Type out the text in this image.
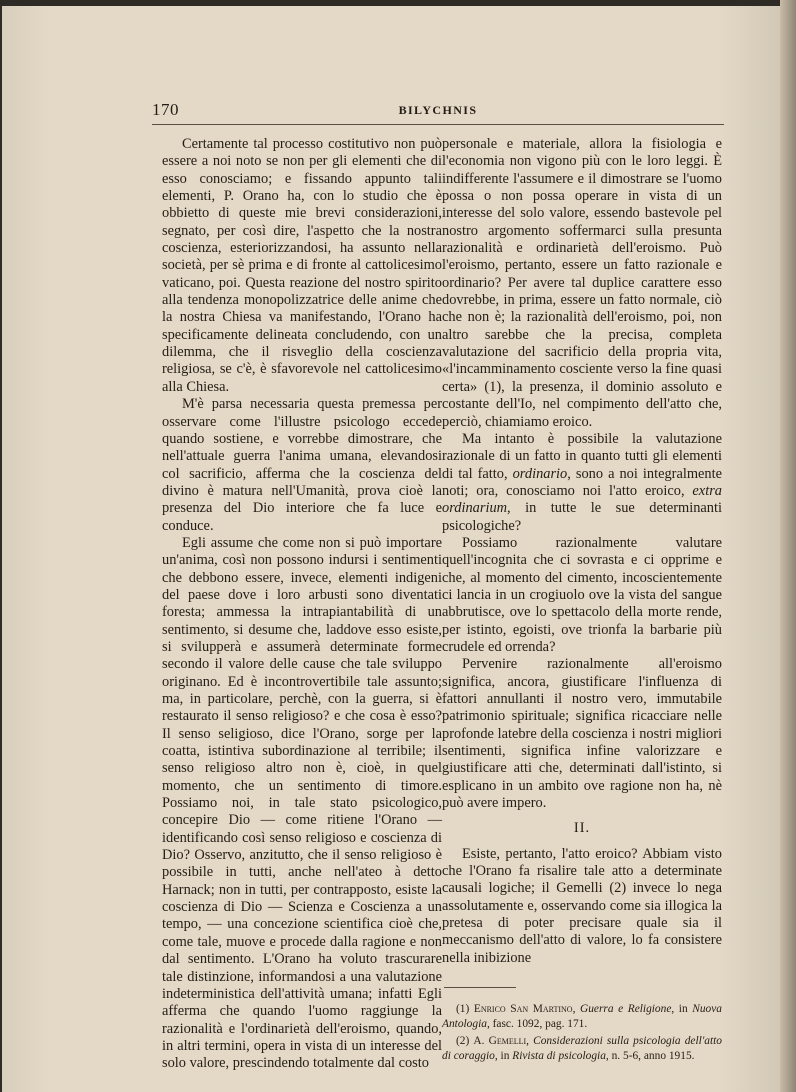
170	BILYCHNIS

Certamente tal processo costitutivo non può essere a noi noto se non per gli elementi che di esso conosciamo; e fissando appunto tali elementi, P. Orano ha, con lo studio che è obbietto di queste mie brevi considerazioni, segnato, per così dire, l'aspetto che la nostra coscienza, esteriorizzandosi, ha assunto nella società, per sè prima e di fronte al cattolicesimo vaticano, poi. Questa reazione del nostro spirito alla tendenza monopolizzatrice delle anime che la nostra Chiesa va manifestando, l'Orano ha specificamente delineata concludendo, con un dilemma, che il risveglio della coscienza religiosa, se c'è, è sfavorevole nel cattolicesimo alla Chiesa.

M'è parsa necessaria questa premessa per osservare come l'illustre psicologo eccede quando sostiene, e vorrebbe dimostrare, che nell'attuale guerra l'anima umana, elevandosi col sacrificio, afferma che la coscienza del divino è matura nell'Umanità, prova cioè la presenza del Dio interiore che fa luce e conduce.

Egli assume che come non si può importare un'anima, così non possono indursi i sentimenti che debbono essere, invece, elementi indigeni del paese dove i loro arbusti sono diventati foresta; ammessa la intrapiantabilità di un sentimento, si desume che, laddove esso esiste, si svilupperà e assumerà determinate forme secondo il valore delle cause che tale sviluppo originano. Ed è incontrovertibile tale assunto; ma, in particolare, perchè, con la guerra, si è restaurato il senso religioso? e che cosa è esso? Il senso seligioso, dice l'Orano, sorge per la coatta, istintiva subordinazione al terribile; il senso religioso altro non è, cioè, in quel momento, che un sentimento di timore. Possiamo noi, in tale stato psicologico, concepire Dio — come ritiene l'Orano — identificando così senso religioso e coscienza di Dio? Osservo, anzitutto, che il senso religioso è possibile in tutti, anche nell'ateo à detto Harnack; non in tutti, per contrapposto, esiste la coscienza di Dio — Scienza e Coscienza a un tempo, — una concezione scientifica cioè che, come tale, muove e procede dalla ragione e non dal sentimento. L'Orano ha voluto trascurare tale distinzione, informandosi a una valutazione indeterministica dell'attività umana; infatti Egli afferma che quando l'uomo raggiunge la razionalità e l'ordinarietà dell'eroismo, quando, in altri termini, opera in vista di un interesse del solo valore, prescindendo totalmente dal costo

personale e materiale, allora la fisiologia e l'economia non vigono più con le loro leggi. È indifferente l'assumere e il dimostrare se l'uomo possa o non possa operare in vista di un interesse del solo valore, essendo bastevole pel nostro argomento soffermarci sulla presunta razionalità e ordinarietà dell'eroismo. Può l'eroismo, pertanto, essere un fatto razionale e ordinario? Per avere tal duplice carattere esso dovrebbe, in prima, essere un fatto normale, ciò che non è; la razionalità dell'eroismo, poi, non altro sarebbe che la precisa, completa valutazione del sacrificio della propria vita, «l'incamminamento cosciente verso la fine quasi certa» (1), la presenza, il dominio assoluto e costante dell'Io, nel compimento dell'atto che, perciò, chiamiamo eroico.

Ma intanto è possibile la valutazione razionale di un fatto in quanto tutti gli elementi di tal fatto, ordinario, sono a noi integralmente noti; ora, conosciamo noi l'atto eroico, extra ordinarium, in tutte le sue determinanti psicologiche?

Possiamo razionalmente valutare quell'incognita che ci sovrasta e ci opprime e che, al momento del cimento, incoscientemente ci lancia in un crogiuolo ove la vista del sangue abbrutisce, ove lo spettacolo della morte rende, per istinto, egoisti, ove trionfa la barbarie più crudele ed orrenda?

Pervenire razionalmente all'eroismo significa, ancora, giustificare l'influenza di fattori annullanti il nostro vero, immutabile patrimonio spirituale; significa ricacciare nelle profonde latebre della coscienza i nostri migliori sentimenti, significa infine valorizzare e giustificare atti che, determinati dall'istinto, si esplicano in un ambito ove ragione non ha, nè può avere impero.

II.

Esiste, pertanto, l'atto eroico? Abbiam visto che l'Orano fa risalire tale atto a determinate causali logiche; il Gemelli (2) invece lo nega assolutamente e, osservando come sia illogica la pretesa di poter precisare quale sia il meccanismo dell'atto di valore, lo fa consistere nella inibizione

(1) Enrico San Martino, Guerra e Religione, in Nuova Antologia, fasc. 1092, pag. 171.

(2) A. Gemelli, Considerazioni sulla psicologia dell'atto di coraggio, in Rivista di psicologia, n. 5-6, anno 1915.
